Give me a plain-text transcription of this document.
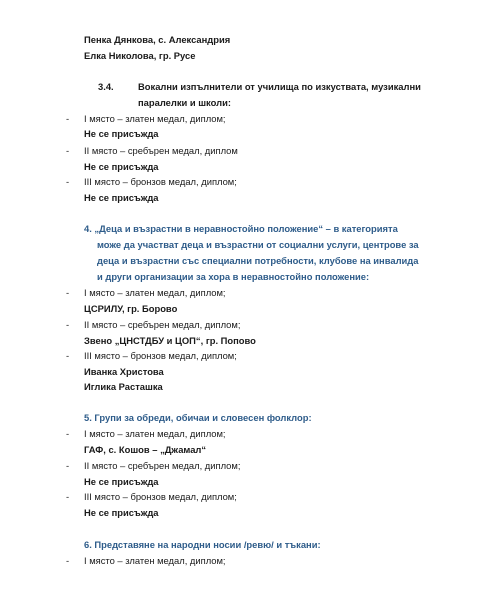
Пенка Дянкова, с. Александрия
Елка Николова, гр. Русе
3.4.	Вокални изпълнители от училища по изкуствата, музикални
паралелки и школи:
- І място – златен медал, диплом;
Не се присъжда
- ІІ място – сребърен медал, диплом
Не се присъжда
- ІІІ място – бронзов медал, диплом;
Не се присъжда
4. „Деца и възрастни в неравностойно положение“ – в категорията
може да участват деца и възрастни от социални услуги, центрове за
деца и възрастни със специални потребности, клубове на инвалида
и други организации за хора в неравностойно положение:
- І място – златен медал, диплом;
ЦСРИЛУ, гр. Борово
- ІІ място – сребърен медал, диплом;
Звено „ЦНСТДБУ и ЦОП“, гр. Попово
- ІІІ място – бронзов медал, диплом;
Иванка Христова
Иглика Расташка
5. Групи за обреди, обичаи и словесен фолклор:
- І място – златен медал, диплом;
ГАФ, с. Кошов – „Джамал“
- ІІ място – сребърен медал, диплом;
Не се присъжда
- ІІІ място – бронзов медал, диплом;
Не се присъжда
6. Представяне на народни носии /ревю/ и тъкани:
- І място – златен медал, диплом;
